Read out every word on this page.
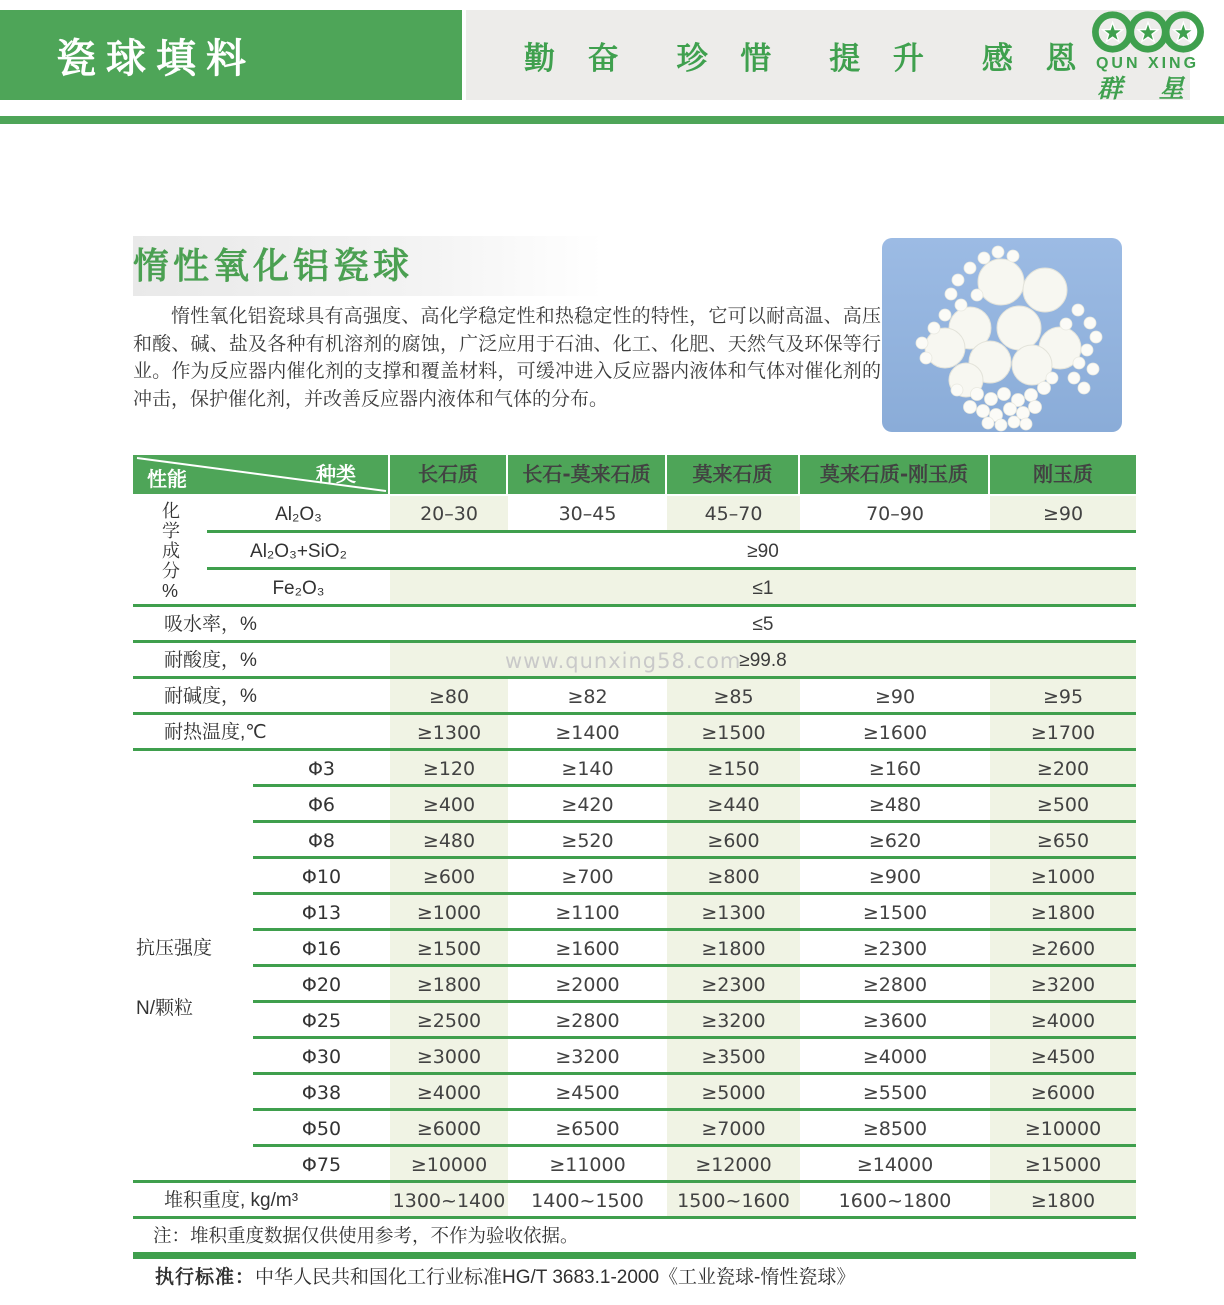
瓷球填料	勤 奋 珍 惜 提 升 感 恩 QUN XING
群 星
惰性氧化铝瓷球

惰性氧化铝瓷球具有高强度、高化学稳定性和热稳定性的特性，它可以耐高温、高压和酸、碱、盐及各种有机溶剂的腐蚀，广泛应用于石油、化工、化肥、天然气及环保等行业。作为反应器内催化剂的支撑和覆盖材料，可缓冲进入反应器内液体和气体对催化剂的冲击，保护催化剂，并改善反应器内液体和气体的分布。

种类
性能	长石质	长石-莫来石质	莫来石质	莫来石质-刚玉质	刚玉质
化学成分%	Al₂O₃	20–30	30–45	45–70	70–90	≥90
Al₂O₃+SiO₂	≥90
Fe₂O₃	≤1
吸水率，%	≤5
耐酸度，%	≥99.8
www.qunxing58.com
耐碱度，%	≥80	≥82	≥85	≥90	≥95
耐热温度,℃	≥1300	≥1400	≥1500	≥1600	≥1700
抗压强度
N/颗粒
Φ3	≥120	≥140	≥150	≥160	≥200
Φ6	≥400	≥420	≥440	≥480	≥500
Φ8	≥480	≥520	≥600	≥620	≥650
Φ10	≥600	≥700	≥800	≥900	≥1000
Φ13	≥1000	≥1100	≥1300	≥1500	≥1800
Φ16	≥1500	≥1600	≥1800	≥2300	≥2600
Φ20	≥1800	≥2000	≥2300	≥2800	≥3200
Φ25	≥2500	≥2800	≥3200	≥3600	≥4000
Φ30	≥3000	≥3200	≥3500	≥4000	≥4500
Φ38	≥4000	≥4500	≥5000	≥5500	≥6000
Φ50	≥6000	≥6500	≥7000	≥8500	≥10000
Φ75	≥10000	≥11000	≥12000	≥14000	≥15000
堆积重度, kg/m³	1300~1400	1400~1500	1500~1600	1600~1800	≥1800
注：堆积重度数据仅供使用参考，不作为验收依据。

执行标准：中华人民共和国化工行业标准HG/T 3683.1-2000《工业瓷球-惰性瓷球》
